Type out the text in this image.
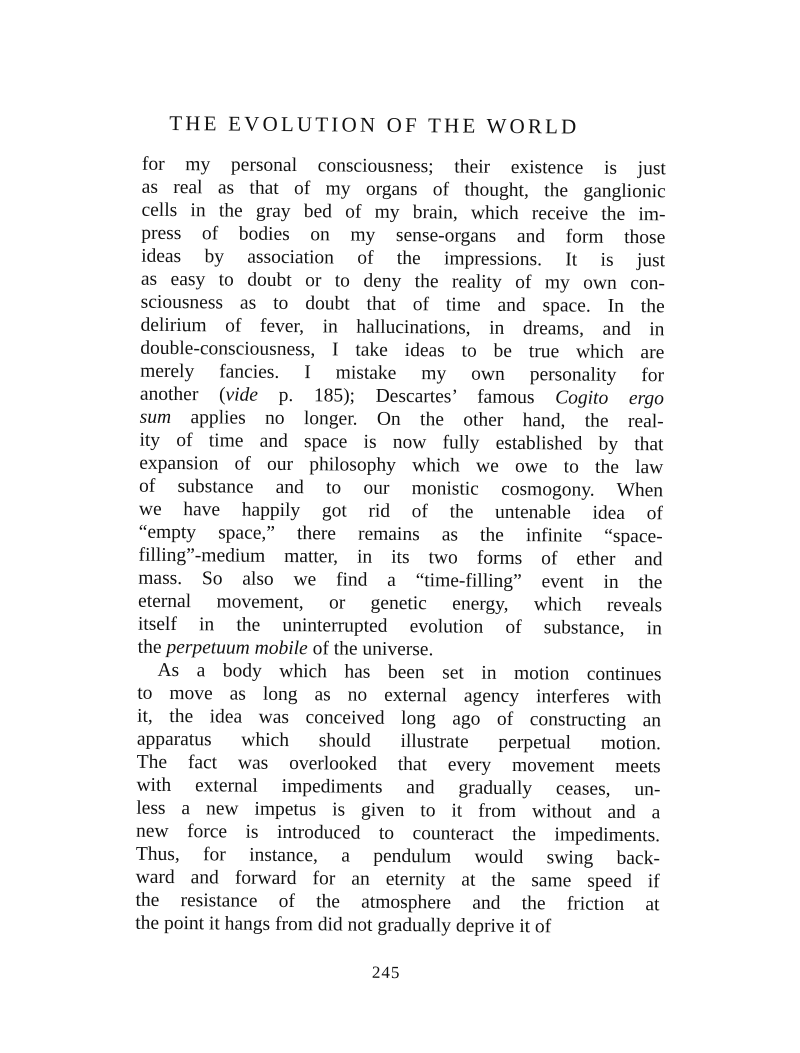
THE EVOLUTION OF THE WORLD
for my personal consciousness; their existence is just
as real as that of my organs of thought, the ganglionic
cells in the gray bed of my brain, which receive the im-
press of bodies on my sense-organs and form those
ideas by association of the impressions. It is just
as easy to doubt or to deny the reality of my own con-
sciousness as to doubt that of time and space. In the
delirium of fever, in hallucinations, in dreams, and in
double-consciousness, I take ideas to be true which are
merely fancies. I mistake my own personality for
another (vide p. 185); Descartes’ famous Cogito ergo
sum applies no longer. On the other hand, the real-
ity of time and space is now fully established by that
expansion of our philosophy which we owe to the law
of substance and to our monistic cosmogony. When
we have happily got rid of the untenable idea of
“empty space,” there remains as the infinite “space-
filling”-medium matter, in its two forms of ether and
mass. So also we find a “time-filling” event in the
eternal movement, or genetic energy, which reveals
itself in the uninterrupted evolution of substance, in
the perpetuum mobile of the universe.
As a body which has been set in motion continues
to move as long as no external agency interferes with
it, the idea was conceived long ago of constructing an
apparatus which should illustrate perpetual motion.
The fact was overlooked that every movement meets
with external impediments and gradually ceases, un-
less a new impetus is given to it from without and a
new force is introduced to counteract the impediments.
Thus, for instance, a pendulum would swing back-
ward and forward for an eternity at the same speed if
the resistance of the atmosphere and the friction at
the point it hangs from did not gradually deprive it of
245
